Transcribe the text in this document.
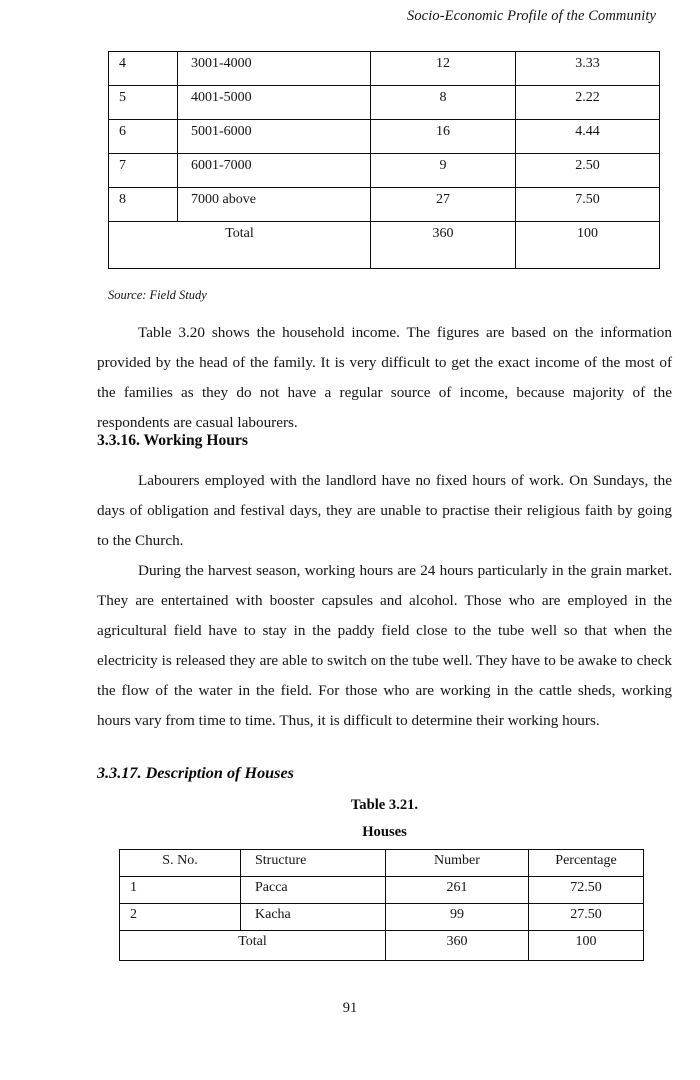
Socio-Economic Profile of the Community
4	3001-4000	12	3.33
5	4001-5000	8	2.22
6	5001-6000	16	4.44
7	6001-7000	9	2.50
8	7000 above	27	7.50
Total		360	100
Source: Field Study
Table 3.20 shows the household income. The figures are based on the information provided by the head of the family. It is very difficult to get the exact income of the most of the families as they do not have a regular source of income, because majority of the respondents are casual labourers.
3.3.16. Working Hours
Labourers employed with the landlord have no fixed hours of work. On Sundays, the days of obligation and festival days, they are unable to practise their religious faith by going to the Church.
During the harvest season, working hours are 24 hours particularly in the grain market. They are entertained with booster capsules and alcohol. Those who are employed in the agricultural field have to stay in the paddy field close to the tube well so that when the electricity is released they are able to switch on the tube well. They have to be awake to check the flow of the water in the field. For those who are working in the cattle sheds, working hours vary from time to time. Thus, it is difficult to determine their working hours.
3.3.17. Description of Houses
Table 3.21.
Houses
S. No.	Structure	Number	Percentage
1	Pacca	261	72.50
2	Kacha	99	27.50
Total		360	100
91
